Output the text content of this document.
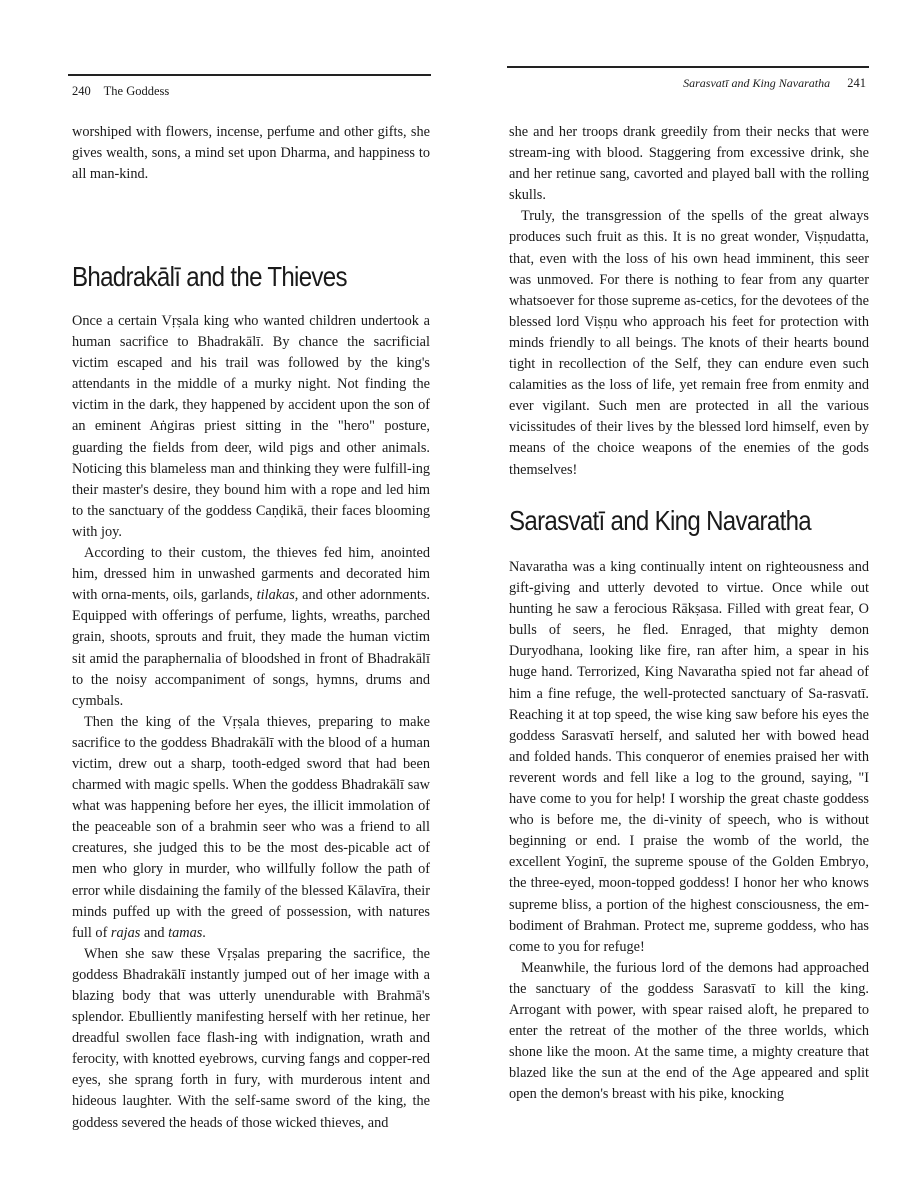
240 The Goddess

worshiped with flowers, incense, perfume and other gifts, she gives wealth, sons, a mind set upon Dharma, and happiness to all man-kind.

Bhadrakālī and the Thieves

Once a certain Vṛṣala king who wanted children undertook a human sacrifice to Bhadrakālī. By chance the sacrificial victim escaped and his trail was followed by the king's attendants in the middle of a murky night. Not finding the victim in the dark, they happened by accident upon the son of an eminent Aṅgiras priest sitting in the "hero" posture, guarding the fields from deer, wild pigs and other animals. Noticing this blameless man and thinking they were fulfill-ing their master's desire, they bound him with a rope and led him to the sanctuary of the goddess Caṇḍikā, their faces blooming with joy.

According to their custom, the thieves fed him, anointed him, dressed him in unwashed garments and decorated him with orna-ments, oils, garlands, tilakas, and other adornments. Equipped with offerings of perfume, lights, wreaths, parched grain, shoots, sprouts and fruit, they made the human victim sit amid the paraphernalia of bloodshed in front of Bhadrakālī to the noisy accompaniment of songs, hymns, drums and cymbals.

Then the king of the Vṛṣala thieves, preparing to make sacrifice to the goddess Bhadrakālī with the blood of a human victim, drew out a sharp, tooth-edged sword that had been charmed with magic spells. When the goddess Bhadrakālī saw what was happening before her eyes, the illicit immolation of the peaceable son of a brahmin seer who was a friend to all creatures, she judged this to be the most des-picable act of men who glory in murder, who willfully follow the path of error while disdaining the family of the blessed Kālavīra, their minds puffed up with the greed of possession, with natures full of rajas and tamas.

When she saw these Vṛṣalas preparing the sacrifice, the goddess Bhadrakālī instantly jumped out of her image with a blazing body that was utterly unendurable with Brahmā's splendor. Ebulliently manifesting herself with her retinue, her dreadful swollen face flash-ing with indignation, wrath and ferocity, with knotted eyebrows, curving fangs and copper-red eyes, she sprang forth in fury, with murderous intent and hideous laughter. With the self-same sword of the king, the goddess severed the heads of those wicked thieves, and

Sarasvatī and King Navaratha 241

she and her troops drank greedily from their necks that were stream-ing with blood. Staggering from excessive drink, she and her retinue sang, cavorted and played ball with the rolling skulls.

Truly, the transgression of the spells of the great always produces such fruit as this. It is no great wonder, Viṣṇudatta, that, even with the loss of his own head imminent, this seer was unmoved. For there is nothing to fear from any quarter whatsoever for those supreme as-cetics, for the devotees of the blessed lord Viṣṇu who approach his feet for protection with minds friendly to all beings. The knots of their hearts bound tight in recollection of the Self, they can endure even such calamities as the loss of life, yet remain free from enmity and ever vigilant. Such men are protected in all the various vicissitudes of their lives by the blessed lord himself, even by means of the choice weapons of the enemies of the gods themselves!

Sarasvatī and King Navaratha

Navaratha was a king continually intent on righteousness and gift-giving and utterly devoted to virtue. Once while out hunting he saw a ferocious Rākṣasa. Filled with great fear, O bulls of seers, he fled. Enraged, that mighty demon Duryodhana, looking like fire, ran after him, a spear in his huge hand. Terrorized, King Navaratha spied not far ahead of him a fine refuge, the well-protected sanctuary of Sa-rasvatī. Reaching it at top speed, the wise king saw before his eyes the goddess Sarasvatī herself, and saluted her with bowed head and folded hands. This conqueror of enemies praised her with reverent words and fell like a log to the ground, saying, "I have come to you for help! I worship the great chaste goddess who is before me, the di-vinity of speech, who is without beginning or end. I praise the womb of the world, the excellent Yoginī, the supreme spouse of the Golden Embryo, the three-eyed, moon-topped goddess! I honor her who knows supreme bliss, a portion of the highest consciousness, the em-bodiment of Brahman. Protect me, supreme goddess, who has come to you for refuge!

Meanwhile, the furious lord of the demons had approached the sanctuary of the goddess Sarasvatī to kill the king. Arrogant with power, with spear raised aloft, he prepared to enter the retreat of the mother of the three worlds, which shone like the moon. At the same time, a mighty creature that blazed like the sun at the end of the Age appeared and split open the demon's breast with his pike, knocking
